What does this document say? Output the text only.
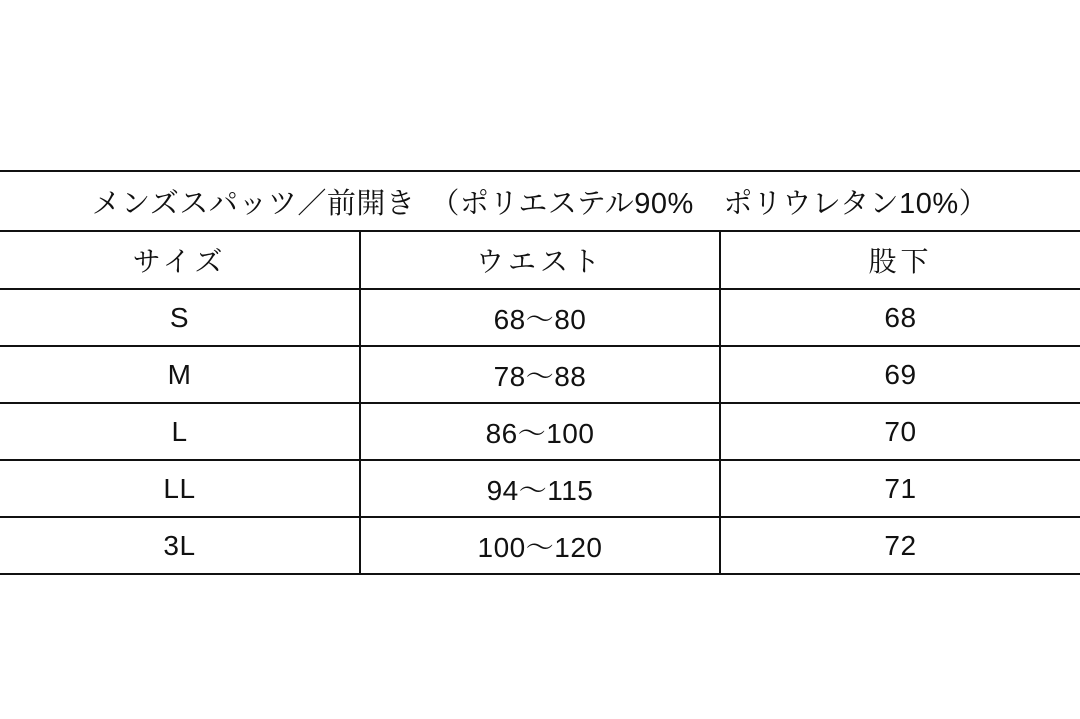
メンズスパッツ／前開き　（ポリエステル90%　ポリウレタン10%）		
サイズ	ウエスト	股下
S	68〜80	68
M	78〜88	69
L	86〜100	70
LL	94〜115	71
3L	100〜120	72
